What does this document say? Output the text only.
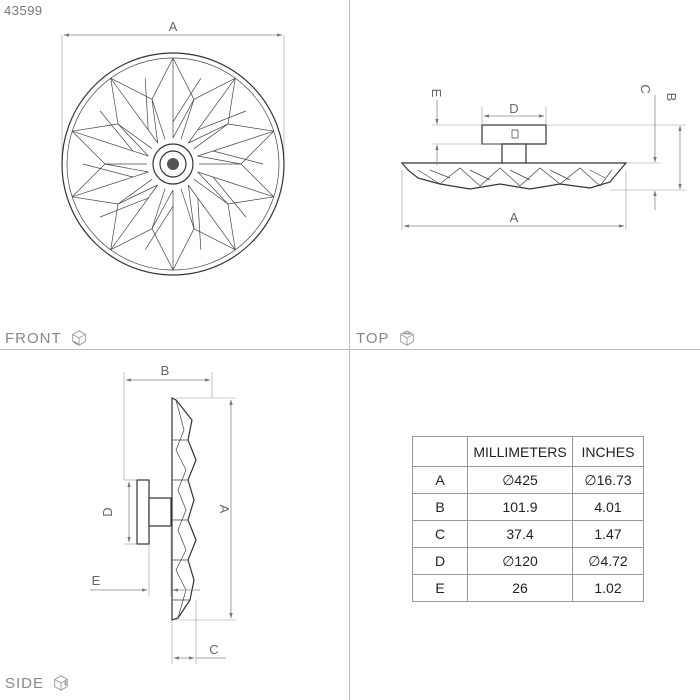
43599
A
D
A
E	C
B
B
A
D
E
C
FRONT	TOP
SIDE
	MILLIMETERS	INCHES
A	∅425	∅16.73
B	101.9	4.01
C	37.4	1.47
D	∅120	∅4.72
E	26	1.02
